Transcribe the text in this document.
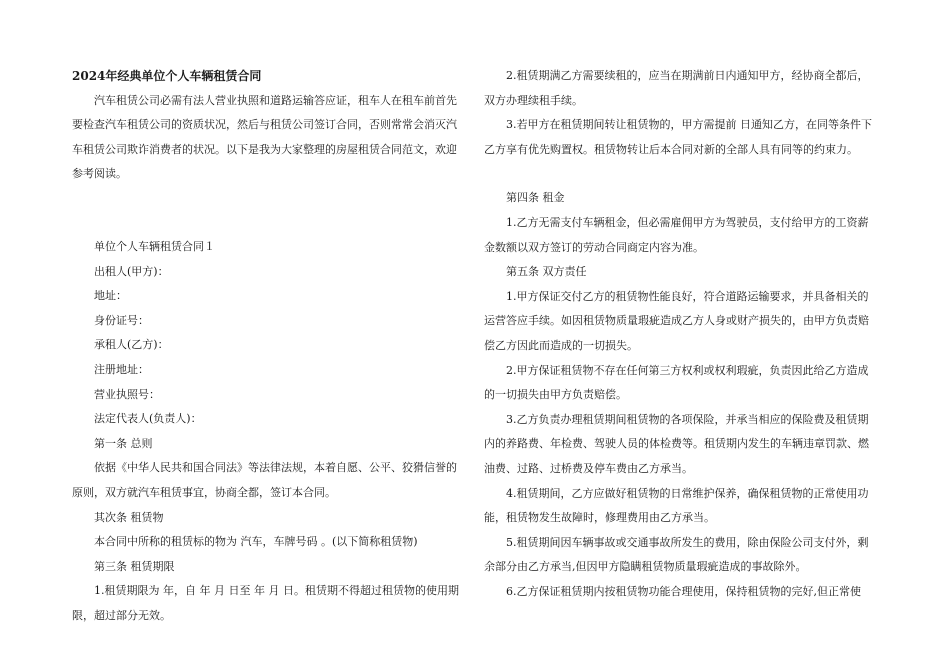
2024年经典单位个人车辆租赁合同

汽车租赁公司必需有法人营业执照和道路运输答应证，租车人在租车前首先要检查汽车租赁公司的资质状况，然后与租赁公司签订合同，否则常常会消灭汽车租赁公司欺诈消费者的状况。以下是我为大家整理的房屋租赁合同范文，欢迎参考阅读。

单位个人车辆租赁合同１

出租人(甲方)：

地址：

身份证号：

承租人(乙方)：

注册地址：

营业执照号：

法定代表人(负责人)：

第一条 总则

依据《中华人民共和国合同法》等法律法规，本着自愿、公平、狡猾信誉的原则，双方就汽车租赁事宜，协商全都，签订本合同。

其次条 租赁物

本合同中所称的租赁标的物为 汽车，车牌号码 。(以下简称租赁物)

第三条 租赁期限

1.租赁期限为 年，自 年 月 日至 年 月 日。租赁期不得超过租赁物的使用期限，超过部分无效。

2.租赁期满乙方需要续租的，应当在期满前日内通知甲方，经协商全都后，双方办理续租手续。

3.若甲方在租赁期间转让租赁物的，甲方需提前 日通知乙方，在同等条件下乙方享有优先购置权。租赁物转让后本合同对新的全部人具有同等的约束力。

第四条 租金

1.乙方无需支付车辆租金，但必需雇佣甲方为驾驶员，支付给甲方的工资薪金数额以双方签订的劳动合同商定内容为准。

第五条 双方责任

1.甲方保证交付乙方的租赁物性能良好，符合道路运输要求，并具备相关的运营答应手续。如因租赁物质量瑕疵造成乙方人身或财产损失的，由甲方负责赔偿乙方因此而造成的一切损失。

2.甲方保证租赁物不存在任何第三方权利或权利瑕疵，负责因此给乙方造成的一切损失由甲方负责赔偿。

3.乙方负责办理租赁期间租赁物的各项保险，并承当相应的保险费及租赁期内的养路费、年检费、驾驶人员的体检费等。租赁期内发生的车辆违章罚款、燃油费、过路、过桥费及停车费由乙方承当。

4.租赁期间，乙方应做好租赁物的日常维护保养，确保租赁物的正常使用功能，租赁物发生故障时，修理费用由乙方承当。

5.租赁期间因车辆事故或交通事故所发生的费用，除由保险公司支付外，剩余部分由乙方承当,但因甲方隐瞒租赁物质量瑕疵造成的事故除外。

6.乙方保证租赁期内按租赁物功能合理使用，保持租赁物的完好,但正常使
